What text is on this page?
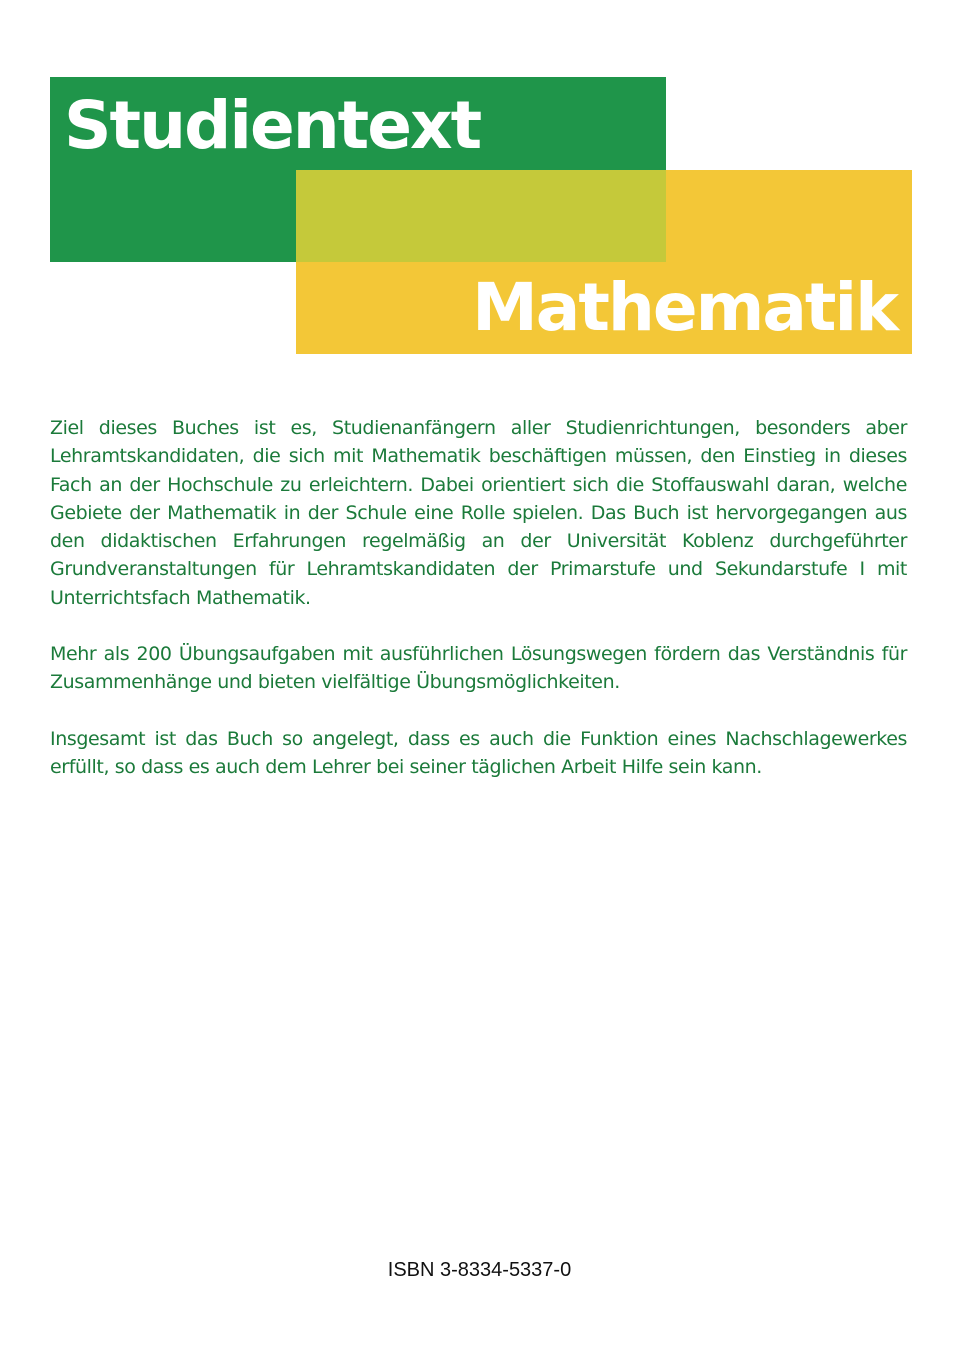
Studientext
Mathematik

Ziel dieses Buches ist es, Studienanfängern aller Studienrichtungen, besonders aber Lehramtskandidaten, die sich mit Mathematik beschäftigen müssen, den Einstieg in dieses Fach an der Hochschule zu erleichtern. Dabei orientiert sich die Stoffauswahl daran, welche Gebiete der Mathematik in der Schule eine Rolle spielen. Das Buch ist hervorgegangen aus den didaktischen Erfahrungen regelmäßig an der Universität Koblenz durchgeführter Grundveranstaltungen für Lehramtskandidaten der Primarstufe und Sekundarstufe I mit Unterrichtsfach Mathematik.

Mehr als 200 Übungsaufgaben mit ausführlichen Lösungswegen fördern das Verständnis für Zusammenhänge und bieten vielfältige Übungsmöglichkeiten.

Insgesamt ist das Buch so angelegt, dass es auch die Funktion eines Nachschlagewerkes erfüllt, so dass es auch dem Lehrer bei seiner täglichen Arbeit Hilfe sein kann.

ISBN 3-8334-5337-0
